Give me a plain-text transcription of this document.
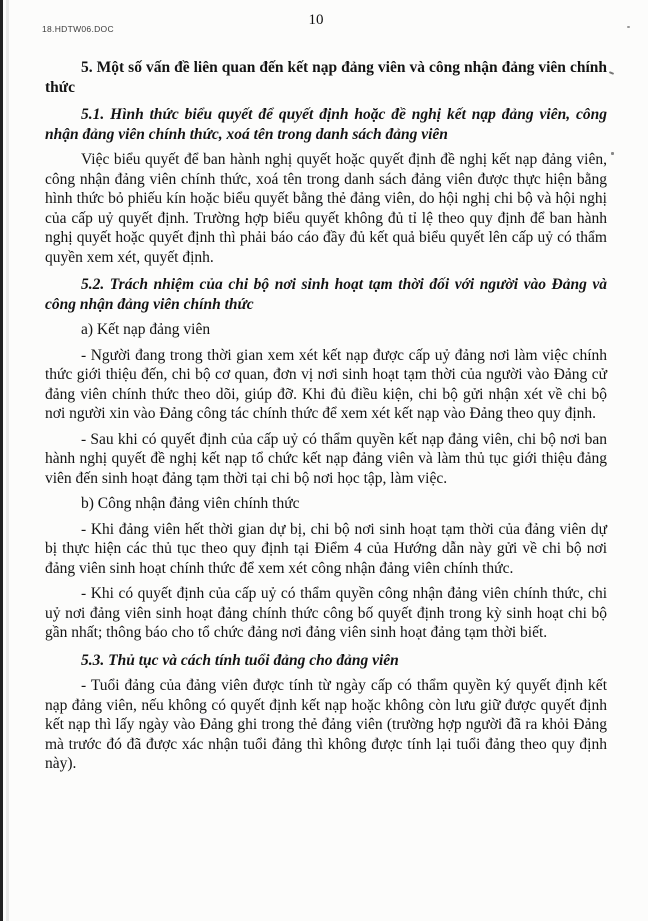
18.HDTW06.DOC
10

5. Một số vấn đề liên quan đến kết nạp đảng viên và công nhận đảng viên chính thức

5.1. Hình thức biểu quyết để quyết định hoặc đề nghị kết nạp đảng viên, công nhận đảng viên chính thức, xoá tên trong danh sách đảng viên

Việc biểu quyết để ban hành nghị quyết hoặc quyết định đề nghị kết nạp đảng viên, công nhận đảng viên chính thức, xoá tên trong danh sách đảng viên được thực hiện bằng hình thức bỏ phiếu kín hoặc biểu quyết bằng thẻ đảng viên, do hội nghị chi bộ và hội nghị của cấp uỷ quyết định. Trường hợp biểu quyết không đủ tỉ lệ theo quy định để ban hành nghị quyết hoặc quyết định thì phải báo cáo đầy đủ kết quả biểu quyết lên cấp uỷ có thẩm quyền xem xét, quyết định.

5.2. Trách nhiệm của chi bộ nơi sinh hoạt tạm thời đối với người vào Đảng và công nhận đảng viên chính thức

a) Kết nạp đảng viên

- Người đang trong thời gian xem xét kết nạp được cấp uỷ đảng nơi làm việc chính thức giới thiệu đến, chi bộ cơ quan, đơn vị nơi sinh hoạt tạm thời của người vào Đảng cử đảng viên chính thức theo dõi, giúp đỡ. Khi đủ điều kiện, chi bộ gửi nhận xét về chi bộ nơi người xin vào Đảng công tác chính thức để xem xét kết nạp vào Đảng theo quy định.

- Sau khi có quyết định của cấp uỷ có thẩm quyền kết nạp đảng viên, chi bộ nơi ban hành nghị quyết đề nghị kết nạp tổ chức kết nạp đảng viên và làm thủ tục giới thiệu đảng viên đến sinh hoạt đảng tạm thời tại chi bộ nơi học tập, làm việc.

b) Công nhận đảng viên chính thức

- Khi đảng viên hết thời gian dự bị, chi bộ nơi sinh hoạt tạm thời của đảng viên dự bị thực hiện các thủ tục theo quy định tại Điểm 4 của Hướng dẫn này gửi về chi bộ nơi đảng viên sinh hoạt chính thức để xem xét công nhận đảng viên chính thức.

- Khi có quyết định của cấp uỷ có thẩm quyền công nhận đảng viên chính thức, chi uỷ nơi đảng viên sinh hoạt đảng chính thức công bố quyết định trong kỳ sinh hoạt chi bộ gần nhất; thông báo cho tổ chức đảng nơi đảng viên sinh hoạt đảng tạm thời biết.

5.3. Thủ tục và cách tính tuổi đảng cho đảng viên

- Tuổi đảng của đảng viên được tính từ ngày cấp có thẩm quyền ký quyết định kết nạp đảng viên, nếu không có quyết định kết nạp hoặc không còn lưu giữ được quyết định kết nạp thì lấy ngày vào Đảng ghi trong thẻ đảng viên (trường hợp người đã ra khỏi Đảng mà trước đó đã được xác nhận tuổi đảng thì không được tính lại tuổi đảng theo quy định này).
